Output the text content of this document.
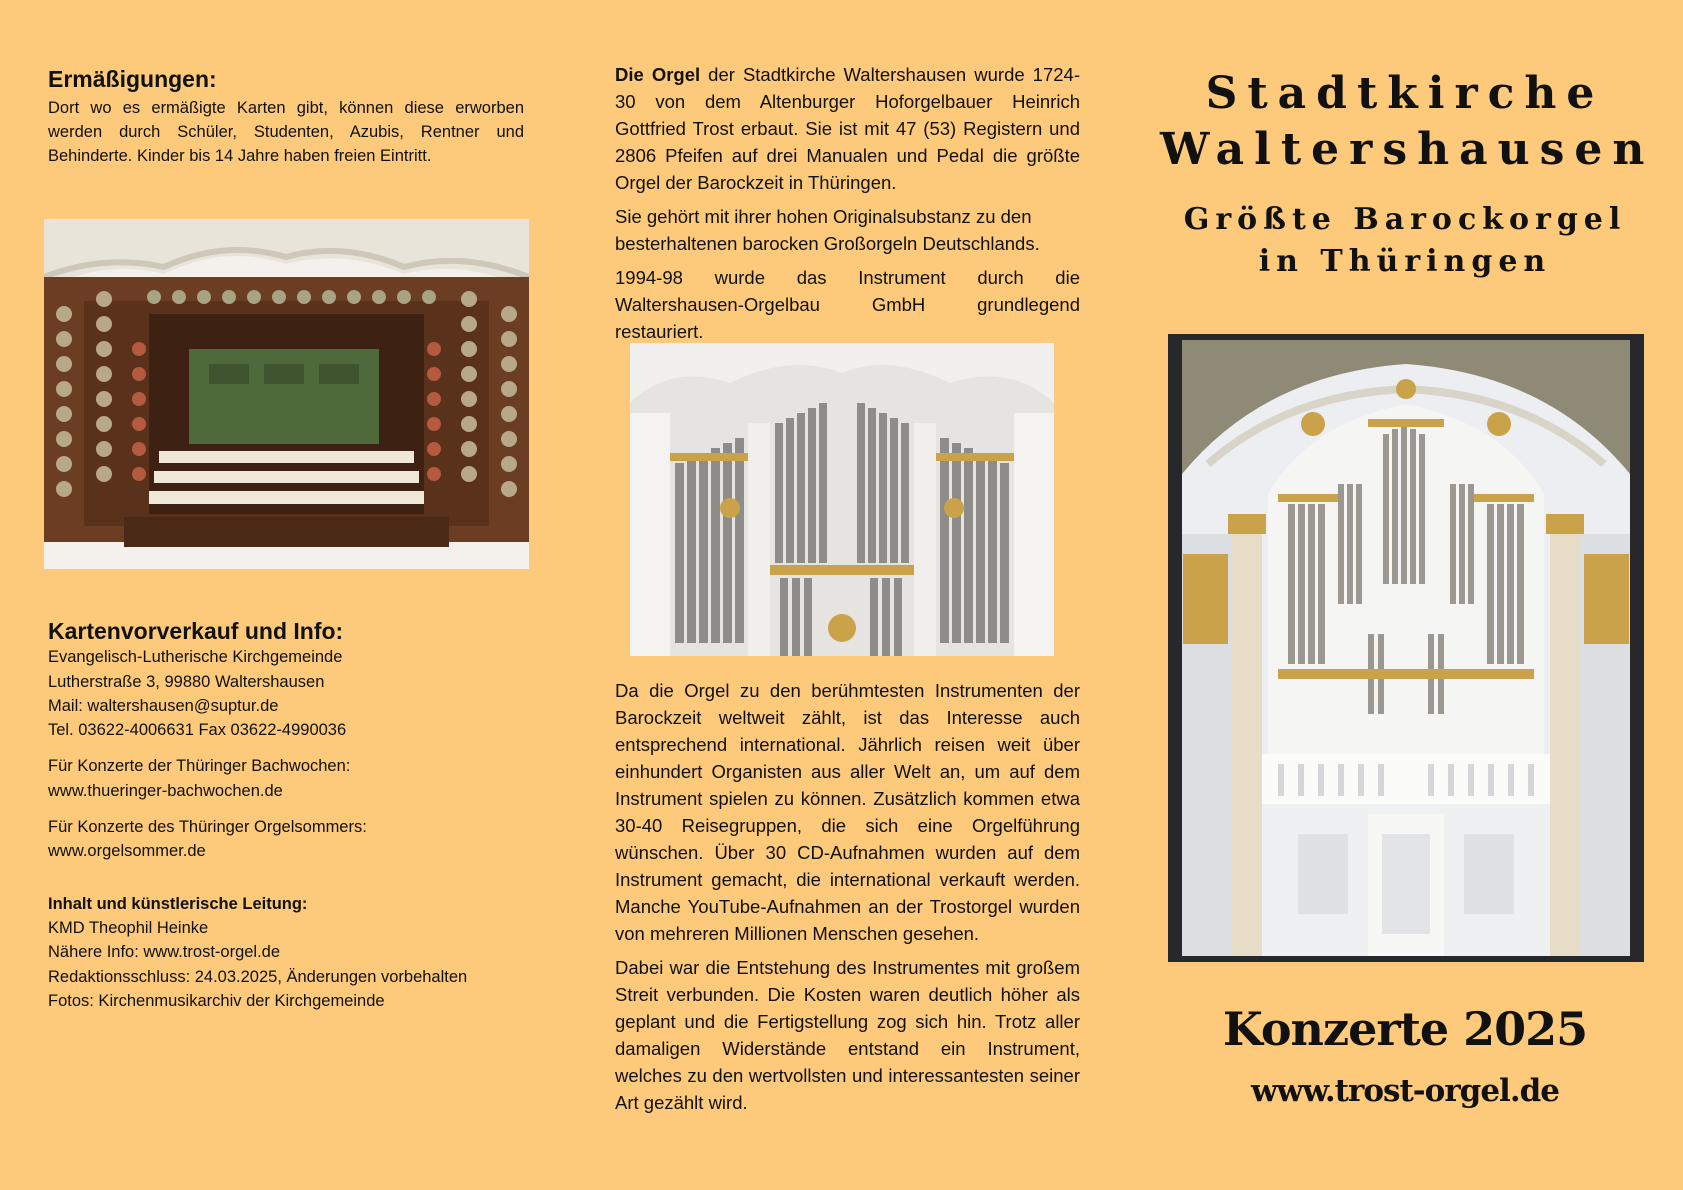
Ermäßigungen:

Dort wo es ermäßigte Karten gibt, können diese erworben werden durch Schüler, Studenten, Azubis, Rentner und Behinderte. Kinder bis 14 Jahre haben freien Eintritt.

Kartenvorverkauf und Info:
Evangelisch-Lutherische Kirchgemeinde
Lutherstraße 3, 99880 Waltershausen
Mail: waltershausen@suptur.de
Tel. 03622-4006631 Fax 03622-4990036
Für Konzerte der Thüringer Bachwochen:
www.thueringer-bachwochen.de
Für Konzerte des Thüringer Orgelsommers:
www.orgelsommer.de
Inhalt und künstlerische Leitung:
KMD Theophil Heinke
Nähere Info: www.trost-orgel.de
Redaktionsschluss: 24.03.2025, Änderungen vorbehalten
Fotos: Kirchenmusikarchiv der Kirchgemeinde

Die Orgel der Stadtkirche Waltershausen wurde 1724-30 von dem Altenburger Hoforgelbauer Heinrich Gottfried Trost erbaut. Sie ist mit 47 (53) Registern und 2806 Pfeifen auf drei Manualen und Pedal die größte Orgel der Barockzeit in Thüringen.

Sie gehört mit ihrer hohen Originalsubstanz zu den besterhaltenen barocken Großorgeln Deutschlands.

1994-98 wurde das Instrument durch die Waltershausen-Orgelbau GmbH grundlegend restauriert.

Da die Orgel zu den berühmtesten Instrumenten der Barockzeit weltweit zählt, ist das Interesse auch entsprechend international. Jährlich reisen weit über einhundert Organisten aus aller Welt an, um auf dem Instrument spielen zu können. Zusätzlich kommen etwa 30-40 Reisegruppen, die sich eine Orgelführung wünschen. Über 30 CD-Aufnahmen wurden auf dem Instrument gemacht, die international verkauft werden. Manche YouTube-Aufnahmen an der Trostorgel wurden von mehreren Millionen Menschen gesehen.

Dabei war die Entstehung des Instrumentes mit großem Streit verbunden. Die Kosten waren deutlich höher als geplant und die Fertigstellung zog sich hin. Trotz aller damaligen Widerstände entstand ein Instrument, welches zu den wertvollsten und interessantesten seiner Art gezählt wird.

Stadtkirche
Waltershausen
Größte Barockorgel
in Thüringen
Konzerte 2025
www.trost-orgel.de
